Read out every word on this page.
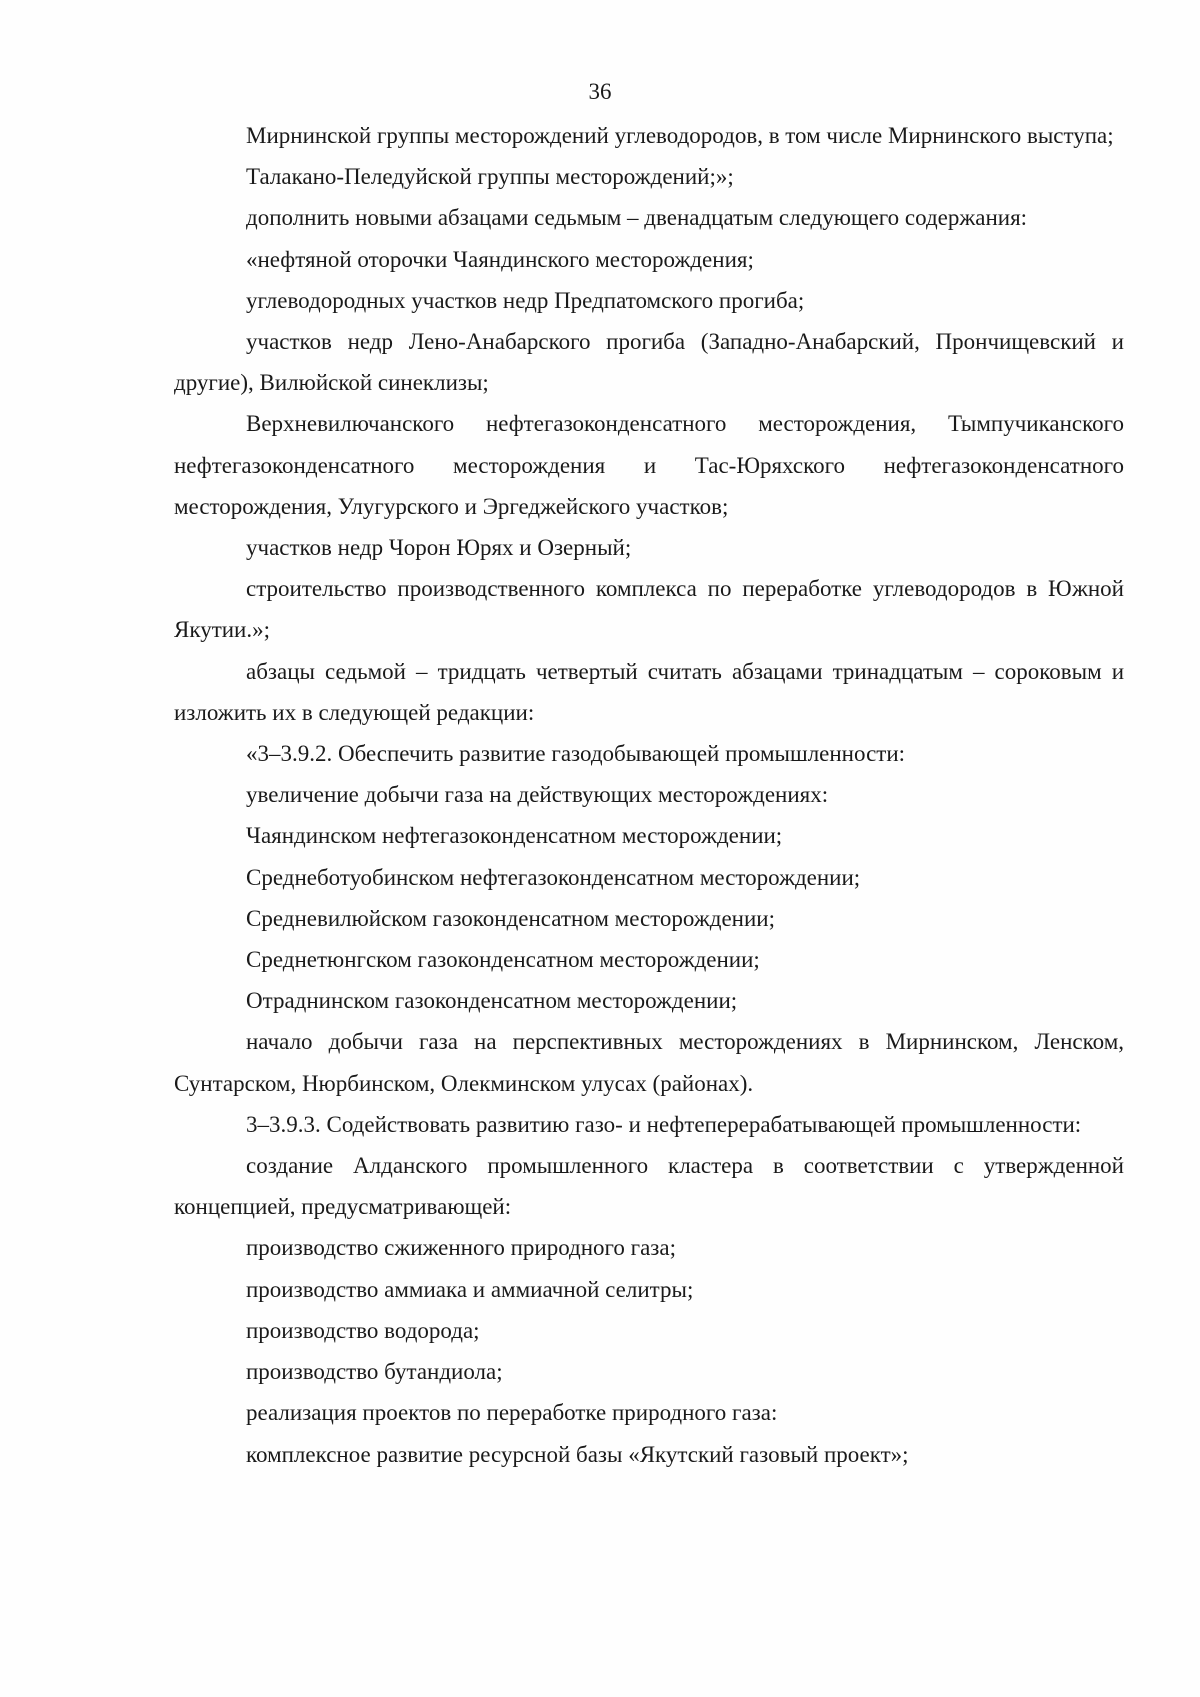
36

Мирнинской группы месторождений углеводородов, в том числе Мирнинского выступа;

Талакано-Пеледуйской группы месторождений;»;

дополнить новыми абзацами седьмым – двенадцатым следующего содержания:

«нефтяной оторочки Чаяндинского месторождения;

углеводородных участков недр Предпатомского прогиба;

участков недр Лено-Анабарского прогиба (Западно-Анабарский, Прончищевский и другие), Вилюйской синеклизы;

Верхневилючанского нефтегазоконденсатного месторождения, Тымпучиканского нефтегазоконденсатного месторождения и Тас-Юряхского нефтегазоконденсатного месторождения, Улугурского и Эргеджейского участков;

участков недр Чорон Юрях и Озерный;

строительство производственного комплекса по переработке углеводородов в Южной Якутии.»;

абзацы седьмой – тридцать четвертый считать абзацами тринадцатым – сороковым и изложить их в следующей редакции:

«3–3.9.2. Обеспечить развитие газодобывающей промышленности:

увеличение добычи газа на действующих месторождениях:

Чаяндинском нефтегазоконденсатном месторождении;

Среднеботуобинском нефтегазоконденсатном месторождении;

Средневилюйском газоконденсатном месторождении;

Среднетюнгском газоконденсатном месторождении;

Отраднинском газоконденсатном месторождении;

начало добычи газа на перспективных месторождениях в Мирнинском, Ленском, Сунтарском, Нюрбинском, Олекминском улусах (районах).

3–3.9.3. Содействовать развитию газо- и нефтеперерабатывающей промышленности:

создание Алданского промышленного кластера в соответствии с утвержденной концепцией, предусматривающей:

производство сжиженного природного газа;

производство аммиака и аммиачной селитры;

производство водорода;

производство бутандиола;

реализация проектов по переработке природного газа:

комплексное развитие ресурсной базы «Якутский газовый проект»;
